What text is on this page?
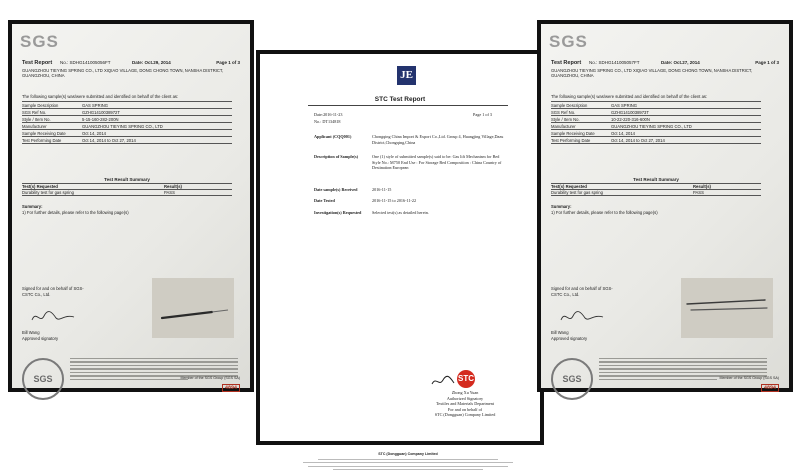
SGS
Test Report No.: SDHG141005056FT	Date: Oct.29, 2014	Page 1 of 3
GUANGZHOU TIEYING SPRING CO., LTD XIQIAO VILLAGE, DONG CHONG TOWN, NANSHA DISTRICT, GUANGZHOU, CHINA
The following sample(s) was/were submitted and identified on behalf of the client as:
Sample Description	GAS SPRING
SGS Ref No.	GZHG1410038972T
Style / Item No.	5-15-160-282-200N
Manufacturer	GUANGZHOU TIEYING SPRING CO., LTD
Sample Receiving Date	Oct 14, 2014
Test Performing Date	Oct 14, 2014 to Oct 27, 2014
Test Result Summary
Test(s) Requested	Result(s)
Durability test for gas spring	PASS
Summary:
1) For further details, please refer to the following page(s)
Signed for and on behalf of SGS-CSTC Co., Ltd.
Bill Wang
Approved signatory
SGS
4894
Member of the SGS Group (SGS SA)
JE
STC Test Report
Date:2016-11-23	Page 1 of 3
No.: DT134818
Applicant (CQQ001)	Chongqing China Import & Export Co.,Ltd. Group 4, Huangjing Village,Dazu District,Chongqing,China
Description of Sample(s)	One (1) style of submitted sample(s) said to be: Gas lift Mechanism for Bed Style No.: M750 End Use : For Storage Bed Composition : China Country of Destination:European
Date sample(s) Received	2016-11-15
Date Tested	2016-11-15 to 2016-11-22
Investigation(s) Requested	Selected test(s) as detailed herein.
STC
Zhong Xu Yuan
Authorized Signatory
Textiles and Materials Department
For and on behalf of
STC (Dongguan) Company Limited
STC (Dongguan) Company Limited
SGS
Test Report No.: SDHG141005057FT	Date: Oct.27, 2014	Page 1 of 3
GUANGZHOU TIEYING SPRING CO., LTD XIQIAO VILLAGE, DONG CHONG TOWN, NANSHA DISTRICT, GUANGZHOU, CHINA
The following sample(s) was/were submitted and identified on behalf of the client as:
Sample Description	GAS SPRING
SGS Ref No.	GZHG1410038973T
Style / Item No.	10-22-220-316-600N
Manufacturer	GUANGZHOU TIEYING SPRING CO., LTD
Sample Receiving Date	Oct 14, 2014
Test Performing Date	Oct 14, 2014 to Oct 27, 2014
Test Result Summary
Test(s) Requested	Result(s)
Durability test for gas spring	PASS
Summary:
1) For further details, please refer to the following page(s)
Signed for and on behalf of SGS-CSTC Co., Ltd.
Bill Wang
Approved signatory
SGS
4894
Member of the SGS Group (SGS SA)
